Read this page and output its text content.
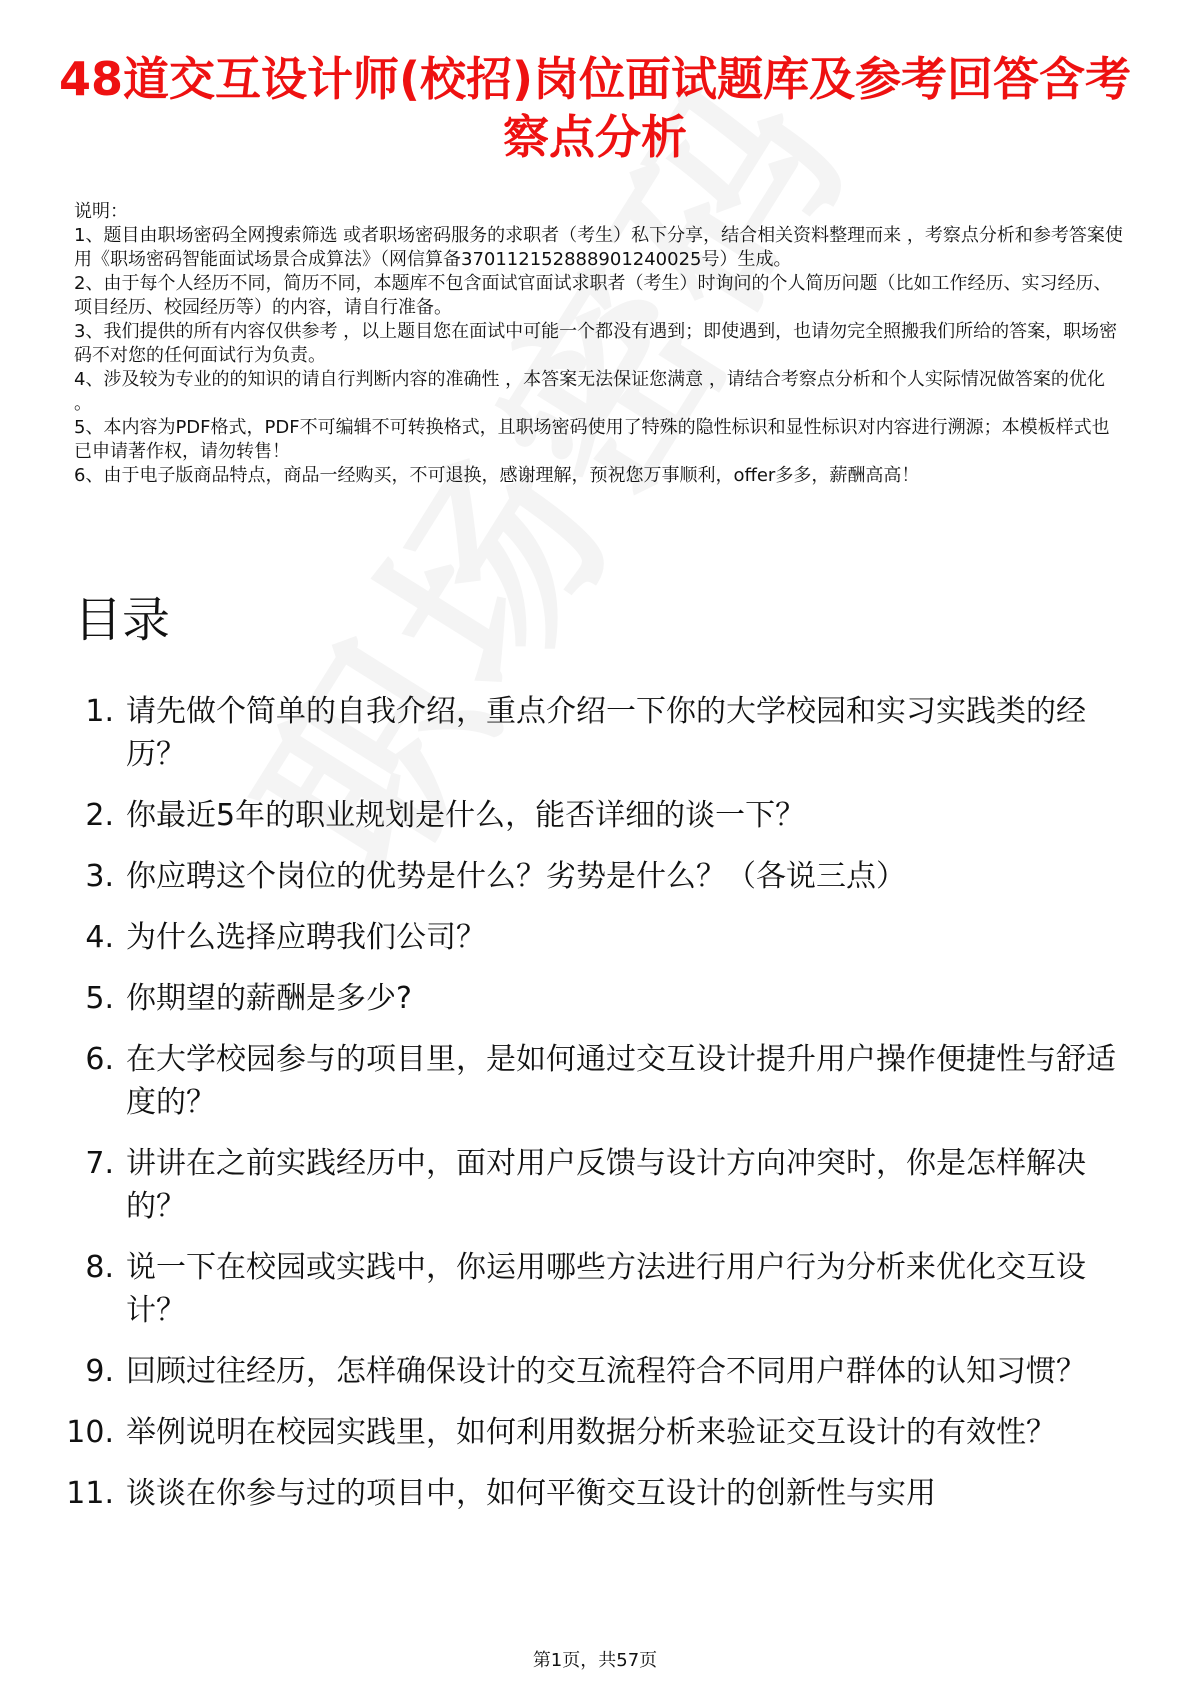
48道交互设计师(校招)岗位面试题库及参考回答含考察点分析

说明：

1、题目由职场密码全网搜索筛选 或者职场密码服务的求职者（考生）私下分享，结合相关资料整理而来 ，考察点分析和参考答案使用《职场密码智能面试场景合成算法》（网信算备370112152888901240025号）生成。

2、由于每个人经历不同，简历不同，本题库不包含面试官面试求职者（考生）时询问的个人简历问题（比如工作经历、实习经历、项目经历、校园经历等）的内容，请自行准备。

3、我们提供的所有内容仅供参考 ，以上题目您在面试中可能一个都没有遇到；即使遇到，也请勿完全照搬我们所给的答案，职场密码不对您的任何面试行为负责。

4、涉及较为专业的的知识的请自行判断内容的准确性 ，本答案无法保证您满意 ，请结合考察点分析和个人实际情况做答案的优化 。

5、本内容为PDF格式，PDF不可编辑不可转换格式，且职场密码使用了特殊的隐性标识和显性标识对内容进行溯源；本模板样式也已申请著作权，请勿转售！

6、由于电子版商品特点，商品一经购买，不可退换，感谢理解，预祝您万事顺利，offer多多，薪酬高高！

目录
1. 请先做个简单的自我介绍，重点介绍一下你的大学校园和实习实践类的经历？
2. 你最近5年的职业规划是什么，能否详细的谈一下？
3. 你应聘这个岗位的优势是什么？劣势是什么？（各说三点）
4. 为什么选择应聘我们公司？
5. 你期望的薪酬是多少?
6. 在大学校园参与的项目里，是如何通过交互设计提升用户操作便捷性与舒适度的？
7. 讲讲在之前实践经历中，面对用户反馈与设计方向冲突时，你是怎样解决的？
8. 说一下在校园或实践中，你运用哪些方法进行用户行为分析来优化交互设计？
9. 回顾过往经历，怎样确保设计的交互流程符合不同用户群体的认知习惯？
10. 举例说明在校园实践里，如何利用数据分析来验证交互设计的有效性？
11. 谈谈在你参与过的项目中，如何平衡交互设计的创新性与实用
第1页，共57页
